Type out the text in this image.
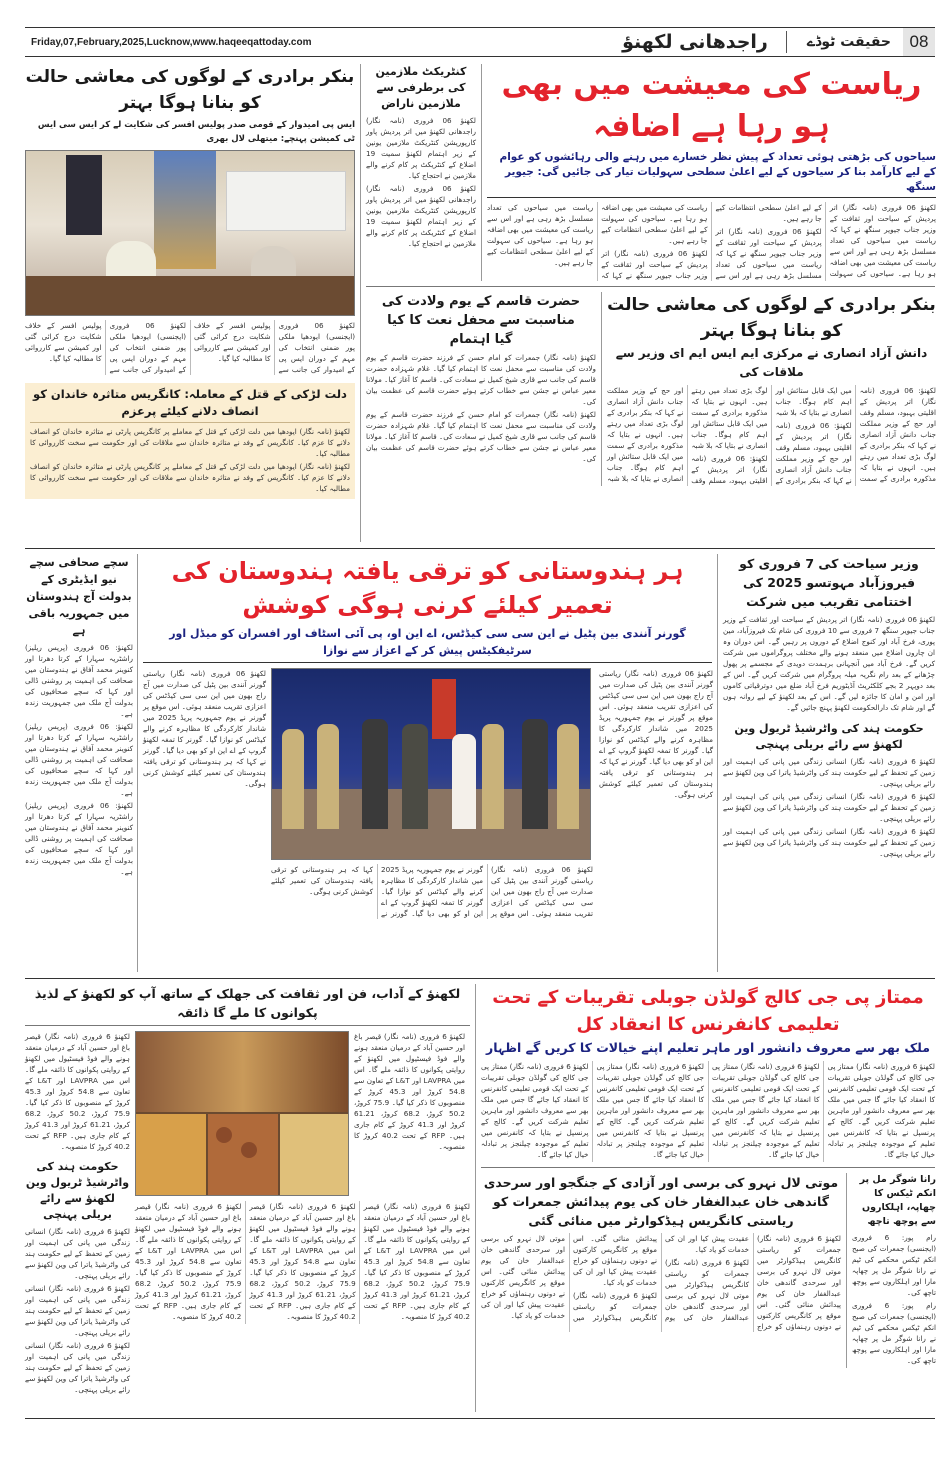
Friday,07,February,2025,Lucknow,www.haqeeqattoday.com	راجدھانی لکھنؤ	حقیقت ٹوڈے	08
بنکر برادری کے لوگوں کی معاشی حالت کو بنانا ہوگا بہتر
ایس پی امیدوار کے قومی صدر پولیس افسر کی شکایت لے کر ایس سی ایس ٹی کمیشن پہنچے: میتھلی لال بھری

لکھنؤ 06 فروری (ایجنسی) ایودھیا ملکی پور ضمنی انتخاب کی مہم کے دوران ایس پی کے امیدوار کی جانب سے پولیس افسر کے خلاف شکایت درج کرائی گئی اور کمیشن سے کارروائی کا مطالبہ کیا گیا۔

لکھنؤ 06 فروری (ایجنسی) ایودھیا ملکی پور ضمنی انتخاب کی مہم کے دوران ایس پی کے امیدوار کی جانب سے پولیس افسر کے خلاف شکایت درج کرائی گئی اور کمیشن سے کارروائی کا مطالبہ کیا گیا۔

دلت لڑکی کے قتل کے معاملہ: کانگریس متاثرہ خاندان کو انصاف دلانے کیلئے پرعزم

لکھنؤ (نامہ نگار) ایودھیا میں دلت لڑکی کے قتل کے معاملے پر کانگریس پارٹی نے متاثرہ خاندان کو انصاف دلانے کا عزم کیا۔ کانگریس کے وفد نے متاثرہ خاندان سے ملاقات کی اور حکومت سے سخت کارروائی کا مطالبہ کیا۔

لکھنؤ (نامہ نگار) ایودھیا میں دلت لڑکی کے قتل کے معاملے پر کانگریس پارٹی نے متاثرہ خاندان کو انصاف دلانے کا عزم کیا۔ کانگریس کے وفد نے متاثرہ خاندان سے ملاقات کی اور حکومت سے سخت کارروائی کا مطالبہ کیا۔

کنٹریکٹ ملازمین کی برطرفی سے ملازمین ناراض

لکھنؤ 06 فروری (نامہ نگار) راجدھانی لکھنؤ میں اتر پردیش پاور کارپوریشن کنٹریکٹ ملازمین یونین کے زیر اہتمام لکھنؤ سمیت 19 اضلاع کے کنٹریکٹ پر کام کرنے والے ملازمین نے احتجاج کیا۔

لکھنؤ 06 فروری (نامہ نگار) راجدھانی لکھنؤ میں اتر پردیش پاور کارپوریشن کنٹریکٹ ملازمین یونین کے زیر اہتمام لکھنؤ سمیت 19 اضلاع کے کنٹریکٹ پر کام کرنے والے ملازمین نے احتجاج کیا۔

ریاست کی معیشت میں بھی ہو رہا ہے اضافہ
سیاحوں کی بڑھتی ہوئی تعداد کے پیش نظر خسارے میں رہنے والی رہائشوں کو عوام کے لیے کارآمد بنا کر سیاحوں کے لیے اعلیٰ سطحی سہولیات تیار کی جائیں گی: جیویر سنگھ

لکھنؤ 06 فروری (نامہ نگار) اتر پردیش کے سیاحت اور ثقافت کے وزیر جناب جیویر سنگھ نے کہا کہ ریاست میں سیاحوں کی تعداد مسلسل بڑھ رہی ہے اور اس سے ریاست کی معیشت میں بھی اضافہ ہو رہا ہے۔ سیاحوں کی سہولت کے لیے اعلیٰ سطحی انتظامات کیے جا رہے ہیں۔

لکھنؤ 06 فروری (نامہ نگار) اتر پردیش کے سیاحت اور ثقافت کے وزیر جناب جیویر سنگھ نے کہا کہ ریاست میں سیاحوں کی تعداد مسلسل بڑھ رہی ہے اور اس سے ریاست کی معیشت میں بھی اضافہ ہو رہا ہے۔ سیاحوں کی سہولت کے لیے اعلیٰ سطحی انتظامات کیے جا رہے ہیں۔

لکھنؤ 06 فروری (نامہ نگار) اتر پردیش کے سیاحت اور ثقافت کے وزیر جناب جیویر سنگھ نے کہا کہ ریاست میں سیاحوں کی تعداد مسلسل بڑھ رہی ہے اور اس سے ریاست کی معیشت میں بھی اضافہ ہو رہا ہے۔ سیاحوں کی سہولت کے لیے اعلیٰ سطحی انتظامات کیے جا رہے ہیں۔

حضرت قاسم کے یوم ولادت کی مناسبت سے محفل نعت کا کیا گیا اہتمام

لکھنؤ (نامہ نگار) جمعرات کو امام حسن کے فرزند حضرت قاسم کے یوم ولادت کی مناسبت سے محفل نعت کا اہتمام کیا گیا۔ غلام شہزادہ حضرت قاسم کی جانب سے قاری شیخ کمیل نے سعادت کی۔ قاسم کا آغاز کیا۔ مولانا معیر عباس نے جشن سے خطاب کرتے ہوئے حضرت قاسم کی عظمت بیان کی۔

لکھنؤ (نامہ نگار) جمعرات کو امام حسن کے فرزند حضرت قاسم کے یوم ولادت کی مناسبت سے محفل نعت کا اہتمام کیا گیا۔ غلام شہزادہ حضرت قاسم کی جانب سے قاری شیخ کمیل نے سعادت کی۔ قاسم کا آغاز کیا۔ مولانا معیر عباس نے جشن سے خطاب کرتے ہوئے حضرت قاسم کی عظمت بیان کی۔

بنکر برادری کے لوگوں کی معاشی حالت کو بنانا ہوگا بہتر
دانش آزاد انصاری نے مرکزی ایم ایس ایم ای وزیر سے ملاقات کی

لکھنؤ: 06 فروری (نامہ نگار) اتر پردیش کے اقلیتی بہبود، مسلم وقف اور حج کے وزیر مملکت جناب دانش آزاد انصاری نے کہا کہ بنکر برادری کے لوگ بڑی تعداد میں رہتے ہیں۔ انہوں نے بتایا کہ مذکورہ برادری کے سمت میں ایک قابل ستائش اور اہم کام ہوگا۔ جناب انصاری نے بتایا کہ بلا شبہ

لکھنؤ: 06 فروری (نامہ نگار) اتر پردیش کے اقلیتی بہبود، مسلم وقف اور حج کے وزیر مملکت جناب دانش آزاد انصاری نے کہا کہ بنکر برادری کے لوگ بڑی تعداد میں رہتے ہیں۔ انہوں نے بتایا کہ مذکورہ برادری کے سمت میں ایک قابل ستائش اور اہم کام ہوگا۔ جناب انصاری نے بتایا کہ بلا شبہ

لکھنؤ: 06 فروری (نامہ نگار) اتر پردیش کے اقلیتی بہبود، مسلم وقف اور حج کے وزیر مملکت جناب دانش آزاد انصاری نے کہا کہ بنکر برادری کے لوگ بڑی تعداد میں رہتے ہیں۔ انہوں نے بتایا کہ مذکورہ برادری کے سمت میں ایک قابل ستائش اور اہم کام ہوگا۔ جناب انصاری نے بتایا کہ بلا شبہ

سچے صحافی سچے نیو ایڈیٹری کے بدولت آج ہندوستان میں جمہوریہ باقی ہے

لکھنؤ: 06 فروری (پریس ریلیز) راشٹریہ سہارا کے کرتا دھرتا اور کنوینر محمد آفاق نے ہندوستان میں صحافت کی اہمیت پر روشنی ڈالی اور کہا کہ سچے صحافیوں کی بدولت آج ملک میں جمہوریت زندہ ہے۔

لکھنؤ: 06 فروری (پریس ریلیز) راشٹریہ سہارا کے کرتا دھرتا اور کنوینر محمد آفاق نے ہندوستان میں صحافت کی اہمیت پر روشنی ڈالی اور کہا کہ سچے صحافیوں کی بدولت آج ملک میں جمہوریت زندہ ہے۔

لکھنؤ: 06 فروری (پریس ریلیز) راشٹریہ سہارا کے کرتا دھرتا اور کنوینر محمد آفاق نے ہندوستان میں صحافت کی اہمیت پر روشنی ڈالی اور کہا کہ سچے صحافیوں کی بدولت آج ملک میں جمہوریت زندہ ہے۔

ہر ہندوستانی کو ترقی یافتہ ہندوستان کی تعمیر کیلئے کرنی ہوگی کوشش
گورنر آنندی بین پٹیل نے این سی سی کیڈٹس، اے این او، پی آئی اسٹاف اور افسران کو میڈل اور سرٹیفکیٹس پیش کر کے اعزاز سے نوازا

لکھنؤ 06 فروری (نامہ نگار) ریاستی گورنر آنندی بین پٹیل کی صدارت میں آج راج بھون میں این سی سی کیڈٹس کی اعزازی تقریب منعقد ہوئی۔ اس موقع پر گورنر نے یوم جمہوریہ پریڈ 2025 میں شاندار کارکردگی کا مظاہرہ کرنے والے کیڈٹس کو نوازا گیا۔ گورنر کا تمغہ لکھنؤ گروپ کے اے این او کو بھی دیا گیا۔ گورنر نے کہا کہ ہر ہندوستانی کو ترقی یافتہ ہندوستان کی تعمیر کیلئے کوشش کرنی ہوگی۔

لکھنؤ 06 فروری (نامہ نگار) ریاستی گورنر آنندی بین پٹیل کی صدارت میں آج راج بھون میں این سی سی کیڈٹس کی اعزازی تقریب منعقد ہوئی۔ اس موقع پر گورنر نے یوم جمہوریہ پریڈ 2025 میں شاندار کارکردگی کا مظاہرہ کرنے والے کیڈٹس کو نوازا گیا۔ گورنر کا تمغہ لکھنؤ گروپ کے اے این او کو بھی دیا گیا۔ گورنر نے کہا کہ ہر ہندوستانی کو ترقی یافتہ ہندوستان کی تعمیر کیلئے کوشش کرنی ہوگی۔

لکھنؤ 06 فروری (نامہ نگار) ریاستی گورنر آنندی بین پٹیل کی صدارت میں آج راج بھون میں این سی سی کیڈٹس کی اعزازی تقریب منعقد ہوئی۔ اس موقع پر گورنر نے یوم جمہوریہ پریڈ 2025 میں شاندار کارکردگی کا مظاہرہ کرنے والے کیڈٹس کو نوازا گیا۔ گورنر کا تمغہ لکھنؤ گروپ کے اے این او کو بھی دیا گیا۔ گورنر نے کہا کہ ہر ہندوستانی کو ترقی یافتہ ہندوستان کی تعمیر کیلئے کوشش کرنی ہوگی۔

وزیر سیاحت کی 7 فروری کو فیروزآباد مہوتسو 2025 کی اختتامی تقریب میں شرکت

لکھنؤ 06 فروری (نامہ نگار) اتر پردیش کے سیاحت اور ثقافت کے وزیر جناب جیویر سنگھ 7 فروری سے 10 فروری کی شام تک فیروزآباد، مین پوری، فرخ آباد اور کنوج اضلاع کے دوروں پر رہیں گے۔ اس دوران وہ ان چاروں اضلاع میں منعقد ہونے والے مختلف پروگراموں میں شرکت کریں گے۔ فرخ آباد میں آنجہانی برہمدت دویدی کے مجسمے پر پھول چڑھانے کے بعد رام نگریہ میلہ پروگرام میں شرکت کریں گے۔ اس کے بعد دوپہر 2 بجے کلکٹریٹ آڈیٹوریم فرخ آباد ضلع میں دوترقیاتی کاموں اور امن و امان کا جائزہ لیں گے۔ اس کے بعد لکھنؤ کے لیے روانہ ہوں گے اور شام تک دارالحکومت لکھنؤ پہنچ جائیں گے۔

حکومت ہند کی واٹرشیڈ ٹریول وین لکھنؤ سے رائے بریلی پہنچی

لکھنؤ 6 فروری (نامہ نگار) انسانی زندگی میں پانی کی اہمیت اور زمین کے تحفظ کے لیے حکومت ہند کی واٹرشیڈ یاترا کی وین لکھنؤ سے رائے بریلی پہنچی۔

لکھنؤ 6 فروری (نامہ نگار) انسانی زندگی میں پانی کی اہمیت اور زمین کے تحفظ کے لیے حکومت ہند کی واٹرشیڈ یاترا کی وین لکھنؤ سے رائے بریلی پہنچی۔

لکھنؤ 6 فروری (نامہ نگار) انسانی زندگی میں پانی کی اہمیت اور زمین کے تحفظ کے لیے حکومت ہند کی واٹرشیڈ یاترا کی وین لکھنؤ سے رائے بریلی پہنچی۔

لکھنؤ کے آداب، فن اور ثقافت کی جھلک کے ساتھ آپ کو لکھنؤ کے لذیذ پکوانوں کا ملے گا ذائقہ

لکھنؤ 6 فروری (نامہ نگار) قیصر باغ اور حسین آباد کے درمیان منعقد ہونے والے فوڈ فیسٹیول میں لکھنؤ کے روایتی پکوانوں کا ذائقہ ملے گا۔ اس میں LAVPRA اور L&T کے تعاون سے 54.8 کروڑ اور 45.3 کروڑ کے منصوبوں کا ذکر کیا گیا۔ 75.9 کروڑ، 50.2 کروڑ، 68.2 کروڑ، 61.21 کروڑ اور 41.3 کروڑ کے کام جاری ہیں۔ RFP کے تحت 40.2 کروڑ کا منصوبہ۔

حکومت ہند کی واٹرشیڈ ٹریول وین لکھنؤ سے رائے بریلی پہنچی

لکھنؤ 6 فروری (نامہ نگار) انسانی زندگی میں پانی کی اہمیت اور زمین کے تحفظ کے لیے حکومت ہند کی واٹرشیڈ یاترا کی وین لکھنؤ سے رائے بریلی پہنچی۔

لکھنؤ 6 فروری (نامہ نگار) انسانی زندگی میں پانی کی اہمیت اور زمین کے تحفظ کے لیے حکومت ہند کی واٹرشیڈ یاترا کی وین لکھنؤ سے رائے بریلی پہنچی۔

لکھنؤ 6 فروری (نامہ نگار) انسانی زندگی میں پانی کی اہمیت اور زمین کے تحفظ کے لیے حکومت ہند کی واٹرشیڈ یاترا کی وین لکھنؤ سے رائے بریلی پہنچی۔

لکھنؤ 6 فروری (نامہ نگار) قیصر باغ اور حسین آباد کے درمیان منعقد ہونے والے فوڈ فیسٹیول میں لکھنؤ کے روایتی پکوانوں کا ذائقہ ملے گا۔ اس میں LAVPRA اور L&T کے تعاون سے 54.8 کروڑ اور 45.3 کروڑ کے منصوبوں کا ذکر کیا گیا۔ 75.9 کروڑ، 50.2 کروڑ، 68.2 کروڑ، 61.21 کروڑ اور 41.3 کروڑ کے کام جاری ہیں۔ RFP کے تحت 40.2 کروڑ کا منصوبہ۔

لکھنؤ 6 فروری (نامہ نگار) قیصر باغ اور حسین آباد کے درمیان منعقد ہونے والے فوڈ فیسٹیول میں لکھنؤ کے روایتی پکوانوں کا ذائقہ ملے گا۔ اس میں LAVPRA اور L&T کے تعاون سے 54.8 کروڑ اور 45.3 کروڑ کے منصوبوں کا ذکر کیا گیا۔ 75.9 کروڑ، 50.2 کروڑ، 68.2 کروڑ، 61.21 کروڑ اور 41.3 کروڑ کے کام جاری ہیں۔ RFP کے تحت 40.2 کروڑ کا منصوبہ۔

لکھنؤ 6 فروری (نامہ نگار) قیصر باغ اور حسین آباد کے درمیان منعقد ہونے والے فوڈ فیسٹیول میں لکھنؤ کے روایتی پکوانوں کا ذائقہ ملے گا۔ اس میں LAVPRA اور L&T کے تعاون سے 54.8 کروڑ اور 45.3 کروڑ کے منصوبوں کا ذکر کیا گیا۔ 75.9 کروڑ، 50.2 کروڑ، 68.2 کروڑ، 61.21 کروڑ اور 41.3 کروڑ کے کام جاری ہیں۔ RFP کے تحت 40.2 کروڑ کا منصوبہ۔

لکھنؤ 6 فروری (نامہ نگار) قیصر باغ اور حسین آباد کے درمیان منعقد ہونے والے فوڈ فیسٹیول میں لکھنؤ کے روایتی پکوانوں کا ذائقہ ملے گا۔ اس میں LAVPRA اور L&T کے تعاون سے 54.8 کروڑ اور 45.3 کروڑ کے منصوبوں کا ذکر کیا گیا۔ 75.9 کروڑ، 50.2 کروڑ، 68.2 کروڑ، 61.21 کروڑ اور 41.3 کروڑ کے کام جاری ہیں۔ RFP کے تحت 40.2 کروڑ کا منصوبہ۔

ممتاز پی جی کالج گولڈن جوبلی تقریبات کے تحت تعلیمی کانفرنس کا انعقاد کل
ملک بھر سے معروف دانشور اور ماہر تعلیم اپنے خیالات کا کریں گے اظہار

لکھنؤ 6 فروری (نامہ نگار) ممتاز پی جی کالج کی گولڈن جوبلی تقریبات کے تحت ایک قومی تعلیمی کانفرنس کا انعقاد کیا جائے گا جس میں ملک بھر سے معروف دانشور اور ماہرین تعلیم شرکت کریں گے۔ کالج کے پرنسپل نے بتایا کہ کانفرنس میں تعلیم کے موجودہ چیلنجز پر تبادلہ خیال کیا جائے گا۔

لکھنؤ 6 فروری (نامہ نگار) ممتاز پی جی کالج کی گولڈن جوبلی تقریبات کے تحت ایک قومی تعلیمی کانفرنس کا انعقاد کیا جائے گا جس میں ملک بھر سے معروف دانشور اور ماہرین تعلیم شرکت کریں گے۔ کالج کے پرنسپل نے بتایا کہ کانفرنس میں تعلیم کے موجودہ چیلنجز پر تبادلہ خیال کیا جائے گا۔

لکھنؤ 6 فروری (نامہ نگار) ممتاز پی جی کالج کی گولڈن جوبلی تقریبات کے تحت ایک قومی تعلیمی کانفرنس کا انعقاد کیا جائے گا جس میں ملک بھر سے معروف دانشور اور ماہرین تعلیم شرکت کریں گے۔ کالج کے پرنسپل نے بتایا کہ کانفرنس میں تعلیم کے موجودہ چیلنجز پر تبادلہ خیال کیا جائے گا۔

لکھنؤ 6 فروری (نامہ نگار) ممتاز پی جی کالج کی گولڈن جوبلی تقریبات کے تحت ایک قومی تعلیمی کانفرنس کا انعقاد کیا جائے گا جس میں ملک بھر سے معروف دانشور اور ماہرین تعلیم شرکت کریں گے۔ کالج کے پرنسپل نے بتایا کہ کانفرنس میں تعلیم کے موجودہ چیلنجز پر تبادلہ خیال کیا جائے گا۔

موتی لال نہرو کی برسی اور آزادی کے جنگجو اور سرحدی گاندھی خان عبدالغفار خان کی یوم پیدائش جمعرات کو ریاستی کانگریس ہیڈکوارٹر میں منائی گئی

لکھنؤ 6 فروری (نامہ نگار) جمعرات کو ریاستی کانگریس ہیڈکوارٹر میں موتی لال نہرو کی برسی اور سرحدی گاندھی خان عبدالغفار خان کی یوم پیدائش منائی گئی۔ اس موقع پر کانگریس کارکنوں نے دونوں رہنماؤں کو خراج عقیدت پیش کیا اور ان کی خدمات کو یاد کیا۔

لکھنؤ 6 فروری (نامہ نگار) جمعرات کو ریاستی کانگریس ہیڈکوارٹر میں موتی لال نہرو کی برسی اور سرحدی گاندھی خان عبدالغفار خان کی یوم پیدائش منائی گئی۔ اس موقع پر کانگریس کارکنوں نے دونوں رہنماؤں کو خراج عقیدت پیش کیا اور ان کی خدمات کو یاد کیا۔

لکھنؤ 6 فروری (نامہ نگار) جمعرات کو ریاستی کانگریس ہیڈکوارٹر میں موتی لال نہرو کی برسی اور سرحدی گاندھی خان عبدالغفار خان کی یوم پیدائش منائی گئی۔ اس موقع پر کانگریس کارکنوں نے دونوں رہنماؤں کو خراج عقیدت پیش کیا اور ان کی خدمات کو یاد کیا۔

رانا شوگر مل پر انکم ٹیکس کا چھاپہ، اہلکاروں سے پوچھ تاچھ

رام پور: 6 فروری (ایجنسی) جمعرات کی صبح انکم ٹیکس محکمے کی ٹیم نے رانا شوگر مل پر چھاپہ مارا اور اہلکاروں سے پوچھ تاچھ کی۔

رام پور: 6 فروری (ایجنسی) جمعرات کی صبح انکم ٹیکس محکمے کی ٹیم نے رانا شوگر مل پر چھاپہ مارا اور اہلکاروں سے پوچھ تاچھ کی۔
